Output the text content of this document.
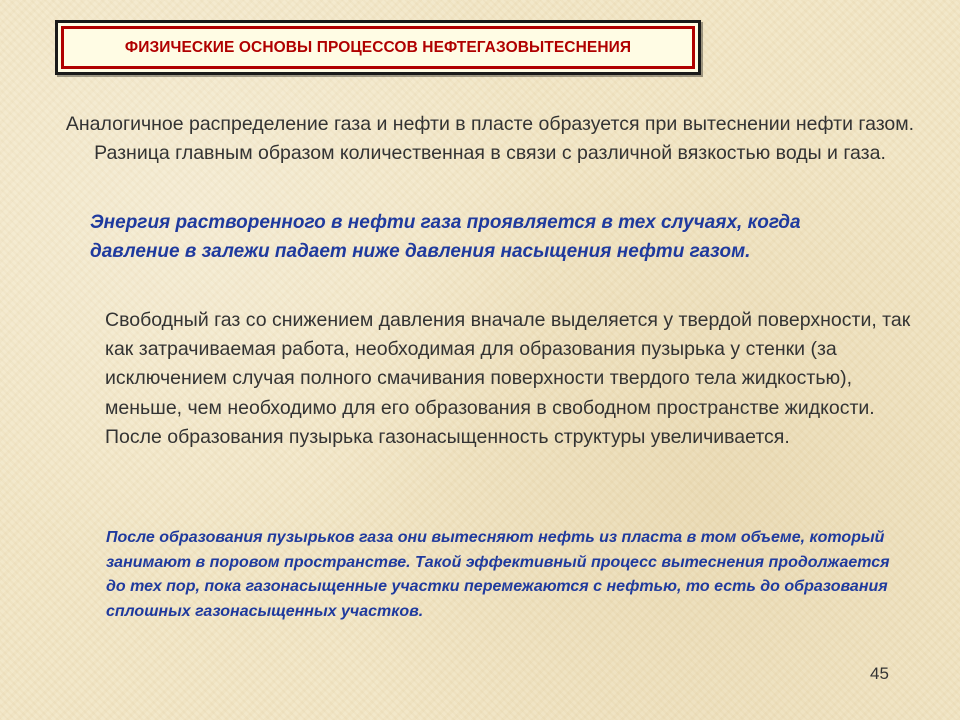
ФИЗИЧЕСКИЕ ОСНОВЫ ПРОЦЕССОВ НЕФТЕГАЗОВЫТЕСНЕНИЯ

Аналогичное распределение газа и нефти в пласте образуется при вытеснении нефти газом. Разница главным образом количественная в связи с различной вязкостью воды и газа.

Энергия растворенного в нефти газа проявляется в тех случаях, когда давление в залежи падает ниже давления насыщения нефти газом.

Свободный газ со снижением давления вначале выделяется у твердой поверхности, так как затрачиваемая работа, необходимая для образования пузырька у стенки (за исключением случая полного смачивания поверхности твердого тела жидкостью), меньше, чем необходимо для его образования в свободном пространстве жидкости. После образования пузырька газонасыщенность структуры увеличивается.

После образования пузырьков газа они вытесняют нефть из пласта в том объеме, который занимают в поровом пространстве. Такой эффективный процесс вытеснения продолжается до тех пор, пока газонасыщенные участки перемежаются с нефтью, то есть до образования сплошных газонасыщенных участков.

45
